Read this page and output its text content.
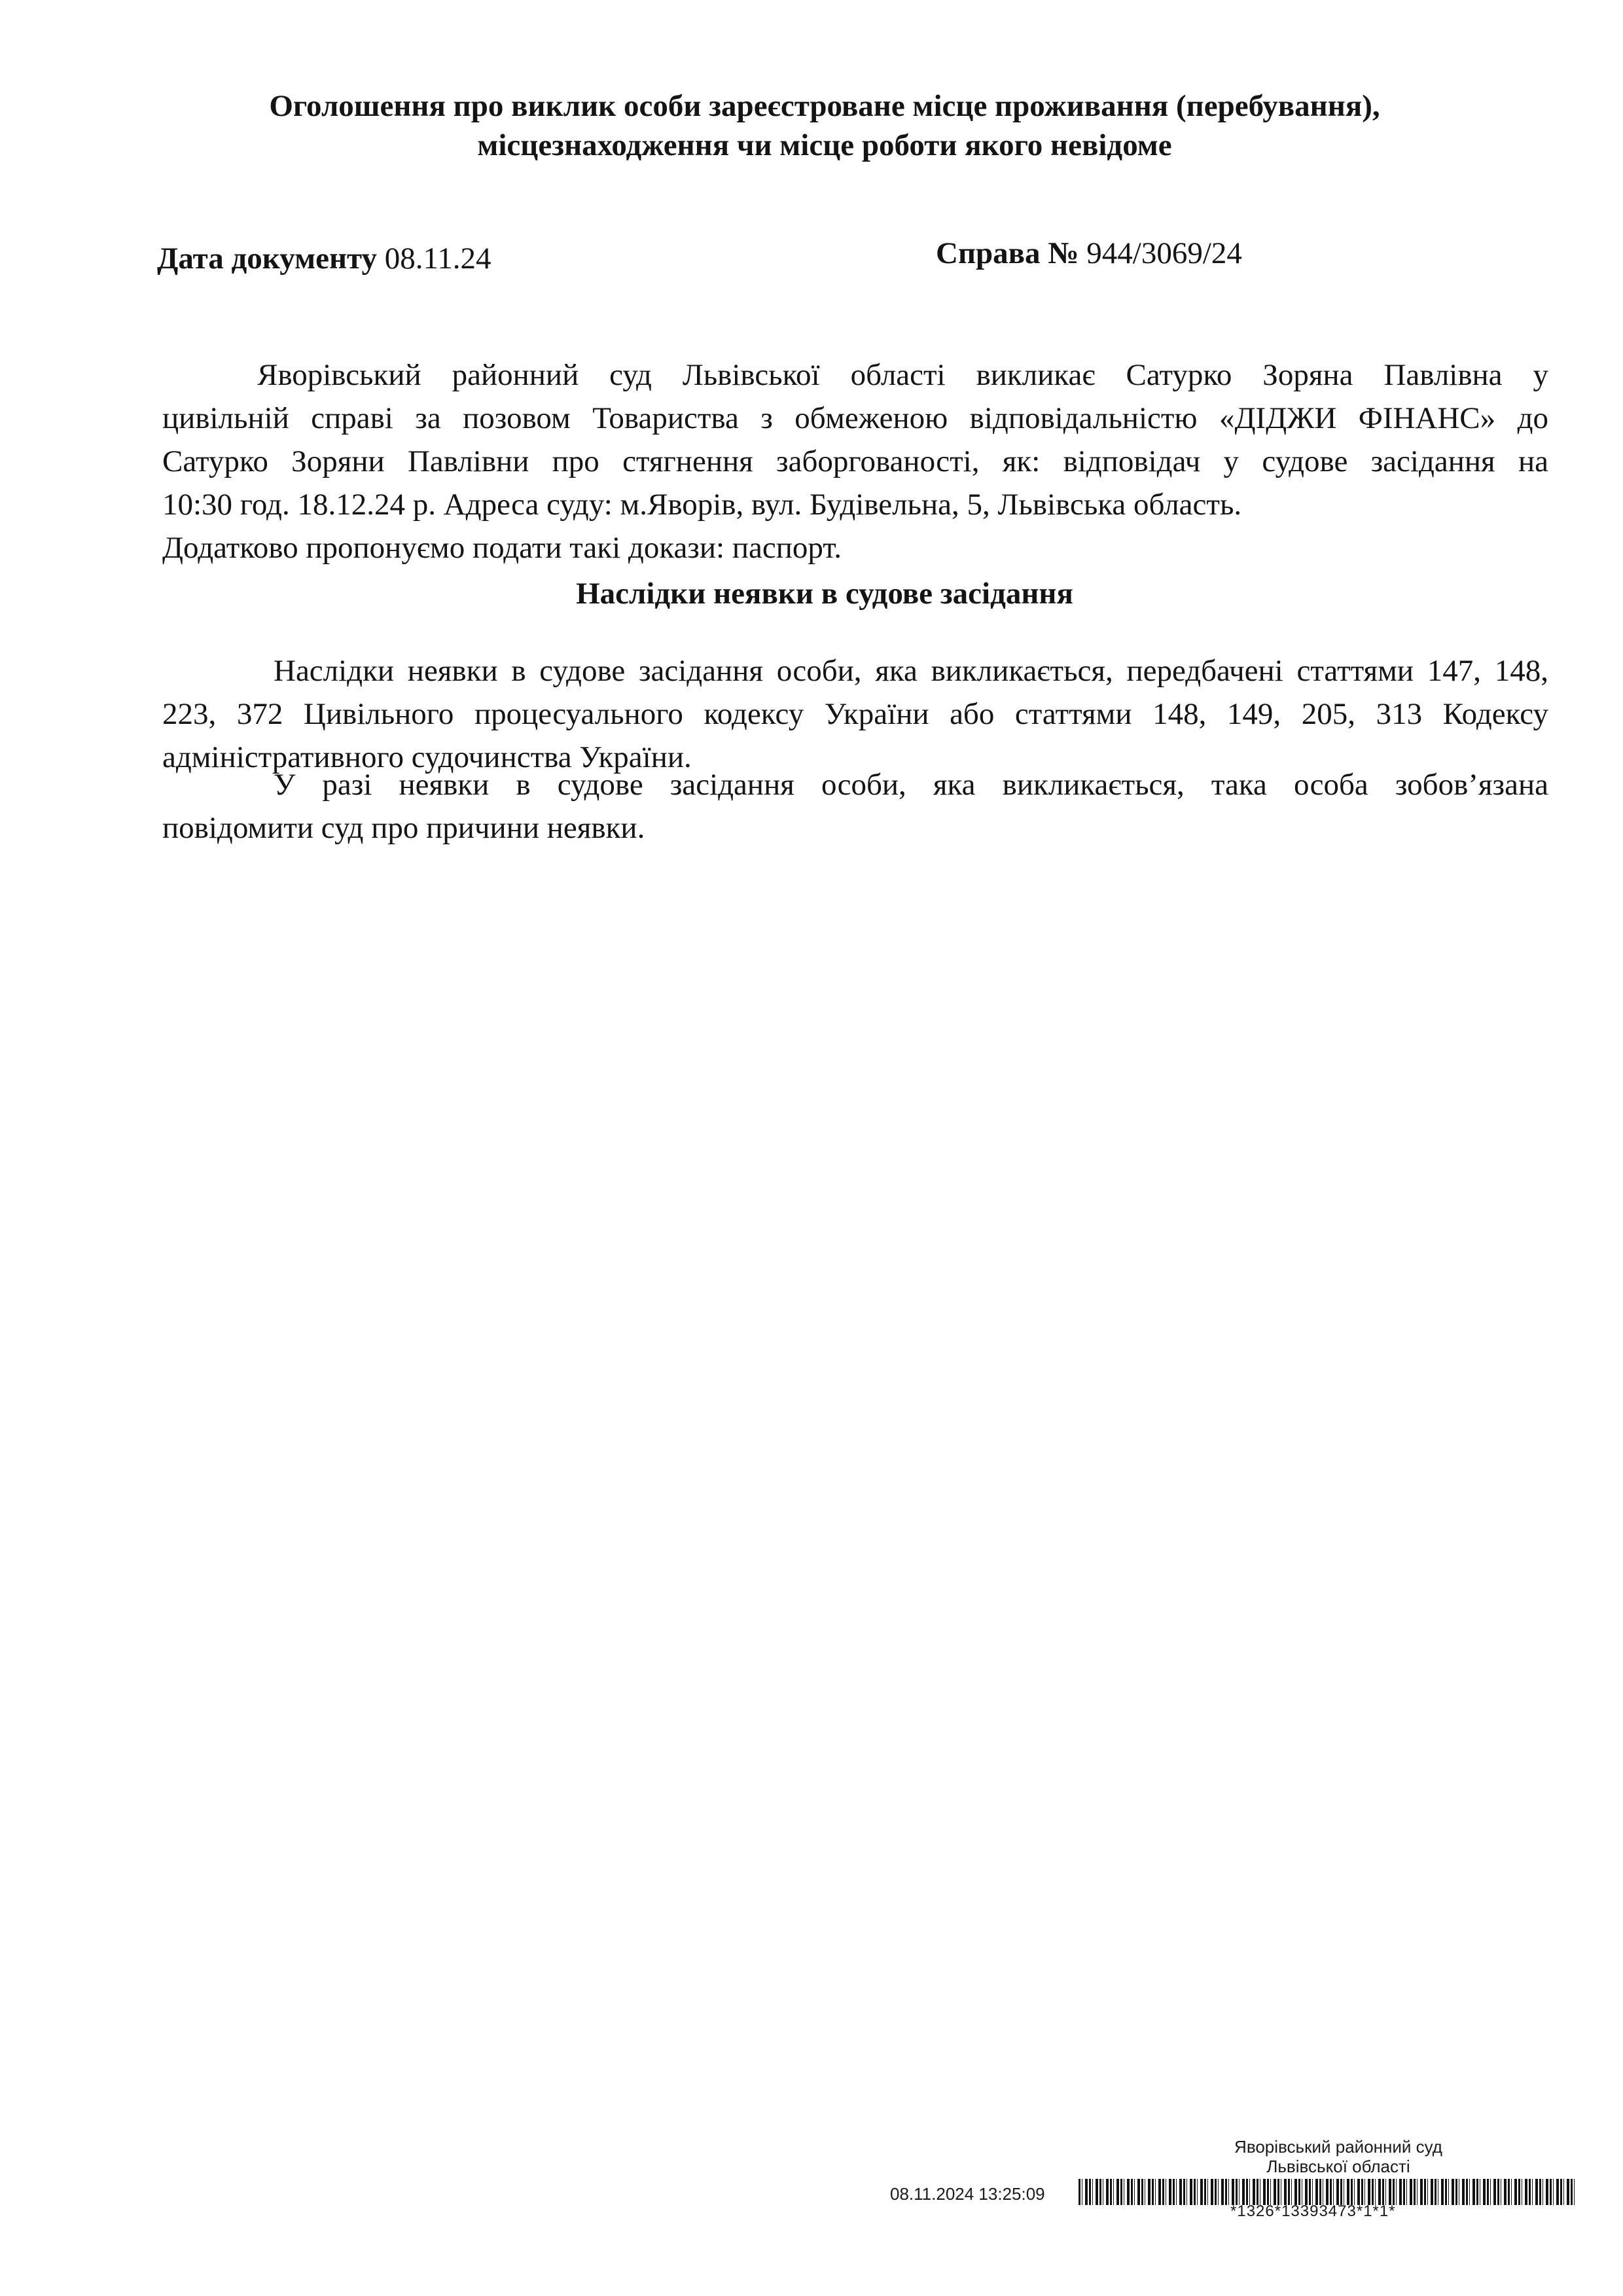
Оголошення про виклик особи зареєстроване місце проживання (перебування),
місцезнаходження чи місце роботи якого невідоме
Дата документу 08.11.24	Справа № 944/3069/24
Яворівський районний суд Львівської області викликає Сатурко Зоряна Павлівна у
цивільній справі за позовом Товариства з обмеженою відповідальністю «ДІДЖИ ФІНАНС» до
Сатурко Зоряни Павлівни про стягнення заборгованості, як: відповідач у судове засідання на
10:30 год. 18.12.24 р. Адреса суду: м.Яворів, вул. Будівельна, 5, Львівська область.
Додатково пропонуємо подати такі докази: паспорт.
Наслідки неявки в судове засідання
Наслідки неявки в судове засідання особи, яка викликається, передбачені статтями 147, 148,
223, 372 Цивільного процесуального кодексу України або статтями 148, 149, 205, 313 Кодексу
адміністративного судочинства України.
У разі неявки в судове засідання особи, яка викликається, така особа зобов’язана
повідомити суд про причини неявки.
Яворівський районний суд
Львівської області
08.11.2024 13:25:09
*1326*13393473*1*1*
